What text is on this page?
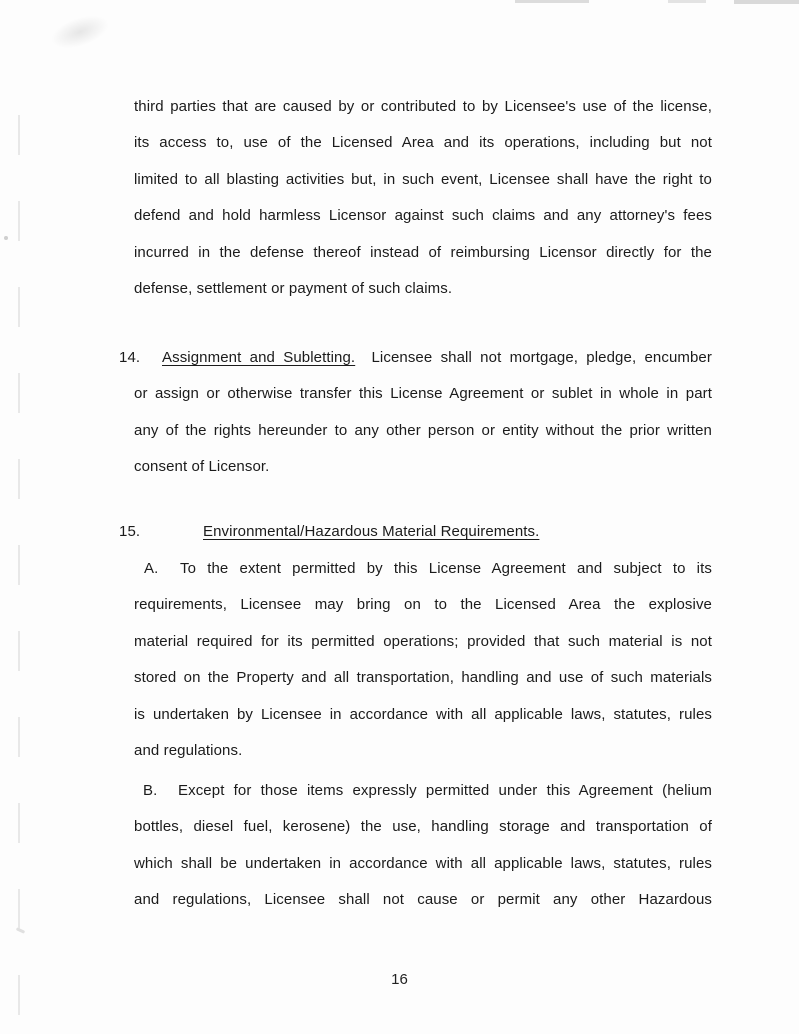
third parties that are caused by or contributed to by Licensee's use of the license,
its access to, use of the Licensed Area and its operations, including but not
limited to all blasting activities but, in such event, Licensee shall have the right to
defend and hold harmless Licensor against such claims and any attorney's fees
incurred in the defense thereof instead of reimbursing Licensor directly for the
defense, settlement or payment of such claims.
14. Assignment and Subletting. Licensee shall not mortgage, pledge, encumber
or assign or otherwise transfer this License Agreement or sublet in whole in part
any of the rights hereunder to any other person or entity without the prior written
consent of Licensor.
15.	Environmental/Hazardous Material Requirements.
A. To the extent permitted by this License Agreement and subject to its
requirements, Licensee may bring on to the Licensed Area the explosive
material required for its permitted operations; provided that such material is not
stored on the Property and all transportation, handling and use of such materials
is undertaken by Licensee in accordance with all applicable laws, statutes, rules
and regulations.
B. Except for those items expressly permitted under this Agreement (helium
bottles, diesel fuel, kerosene) the use, handling storage and transportation of
which shall be undertaken in accordance with all applicable laws, statutes, rules
and regulations, Licensee shall not cause or permit any other Hazardous
16
